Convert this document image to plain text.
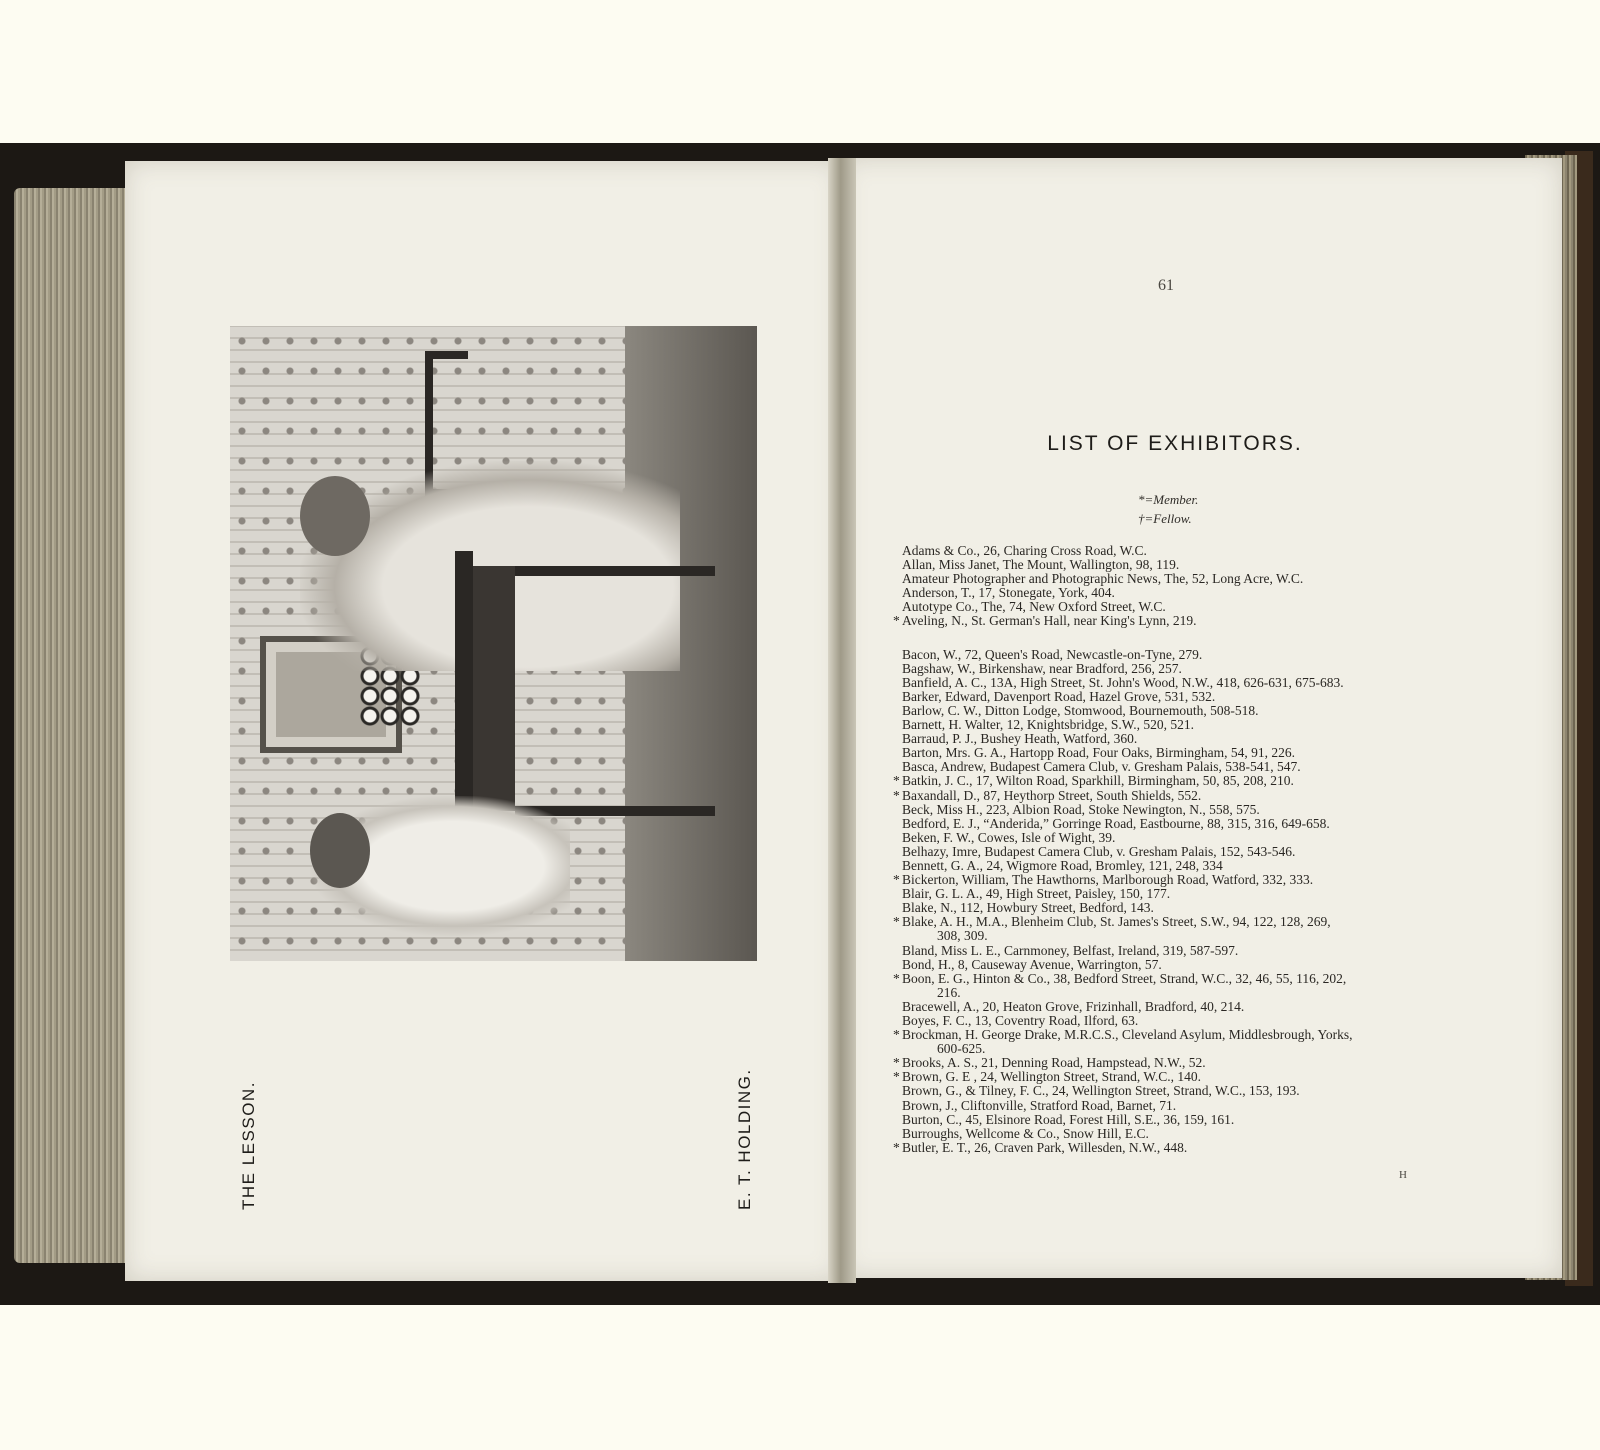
THE LESSON.	E. T. HOLDING.
61
LIST OF EXHIBITORS.
*=Member.
†=Fellow.
Adams & Co., 26, Charing Cross Road, W.C.
Allan, Miss Janet, The Mount, Wallington, 98, 119.
Amateur Photographer and Photographic News, The, 52, Long Acre, W.C.
Anderson, T., 17, Stonegate, York, 404.
Autotype Co., The, 74, New Oxford Street, W.C.
* Aveling, N., St. German's Hall, near King's Lynn, 219.
Bacon, W., 72, Queen's Road, Newcastle-on-Tyne, 279.
Bagshaw, W., Birkenshaw, near Bradford, 256, 257.
Banfield, A. C., 13A, High Street, St. John's Wood, N.W., 418, 626-631, 675-683.
Barker, Edward, Davenport Road, Hazel Grove, 531, 532.
Barlow, C. W., Ditton Lodge, Stomwood, Bournemouth, 508-518.
Barnett, H. Walter, 12, Knightsbridge, S.W., 520, 521.
Barraud, P. J., Bushey Heath, Watford, 360.
Barton, Mrs. G. A., Hartopp Road, Four Oaks, Birmingham, 54, 91, 226.
Basca, Andrew, Budapest Camera Club, v. Gresham Palais, 538-541, 547.
* Batkin, J. C., 17, Wilton Road, Sparkhill, Birmingham, 50, 85, 208, 210.
* Baxandall, D., 87, Heythorp Street, South Shields, 552.
Beck, Miss H., 223, Albion Road, Stoke Newington, N., 558, 575.
Bedford, E. J., “Anderida,” Gorringe Road, Eastbourne, 88, 315, 316, 649-658.
Beken, F. W., Cowes, Isle of Wight, 39.
Belhazy, Imre, Budapest Camera Club, v. Gresham Palais, 152, 543-546.
Bennett, G. A., 24, Wigmore Road, Bromley, 121, 248, 334
* Bickerton, William, The Hawthorns, Marlborough Road, Watford, 332, 333.
Blair, G. L. A., 49, High Street, Paisley, 150, 177.
Blake, N., 112, Howbury Street, Bedford, 143.
* Blake, A. H., M.A., Blenheim Club, St. James's Street, S.W., 94, 122, 128, 269,
308, 309.
Bland, Miss L. E., Carnmoney, Belfast, Ireland, 319, 587-597.
Bond, H., 8, Causeway Avenue, Warrington, 57.
* Boon, E. G., Hinton & Co., 38, Bedford Street, Strand, W.C., 32, 46, 55, 116, 202,
216.
Bracewell, A., 20, Heaton Grove, Frizinhall, Bradford, 40, 214.
Boyes, F. C., 13, Coventry Road, Ilford, 63.
* Brockman, H. George Drake, M.R.C.S., Cleveland Asylum, Middlesbrough, Yorks,
600-625.
* Brooks, A. S., 21, Denning Road, Hampstead, N.W., 52.
* Brown, G. E , 24, Wellington Street, Strand, W.C., 140.
Brown, G., & Tilney, F. C., 24, Wellington Street, Strand, W.C., 153, 193.
Brown, J., Cliftonville, Stratford Road, Barnet, 71.
Burton, C., 45, Elsinore Road, Forest Hill, S.E., 36, 159, 161.
Burroughs, Wellcome & Co., Snow Hill, E.C.
* Butler, E. T., 26, Craven Park, Willesden, N.W., 448.
H
